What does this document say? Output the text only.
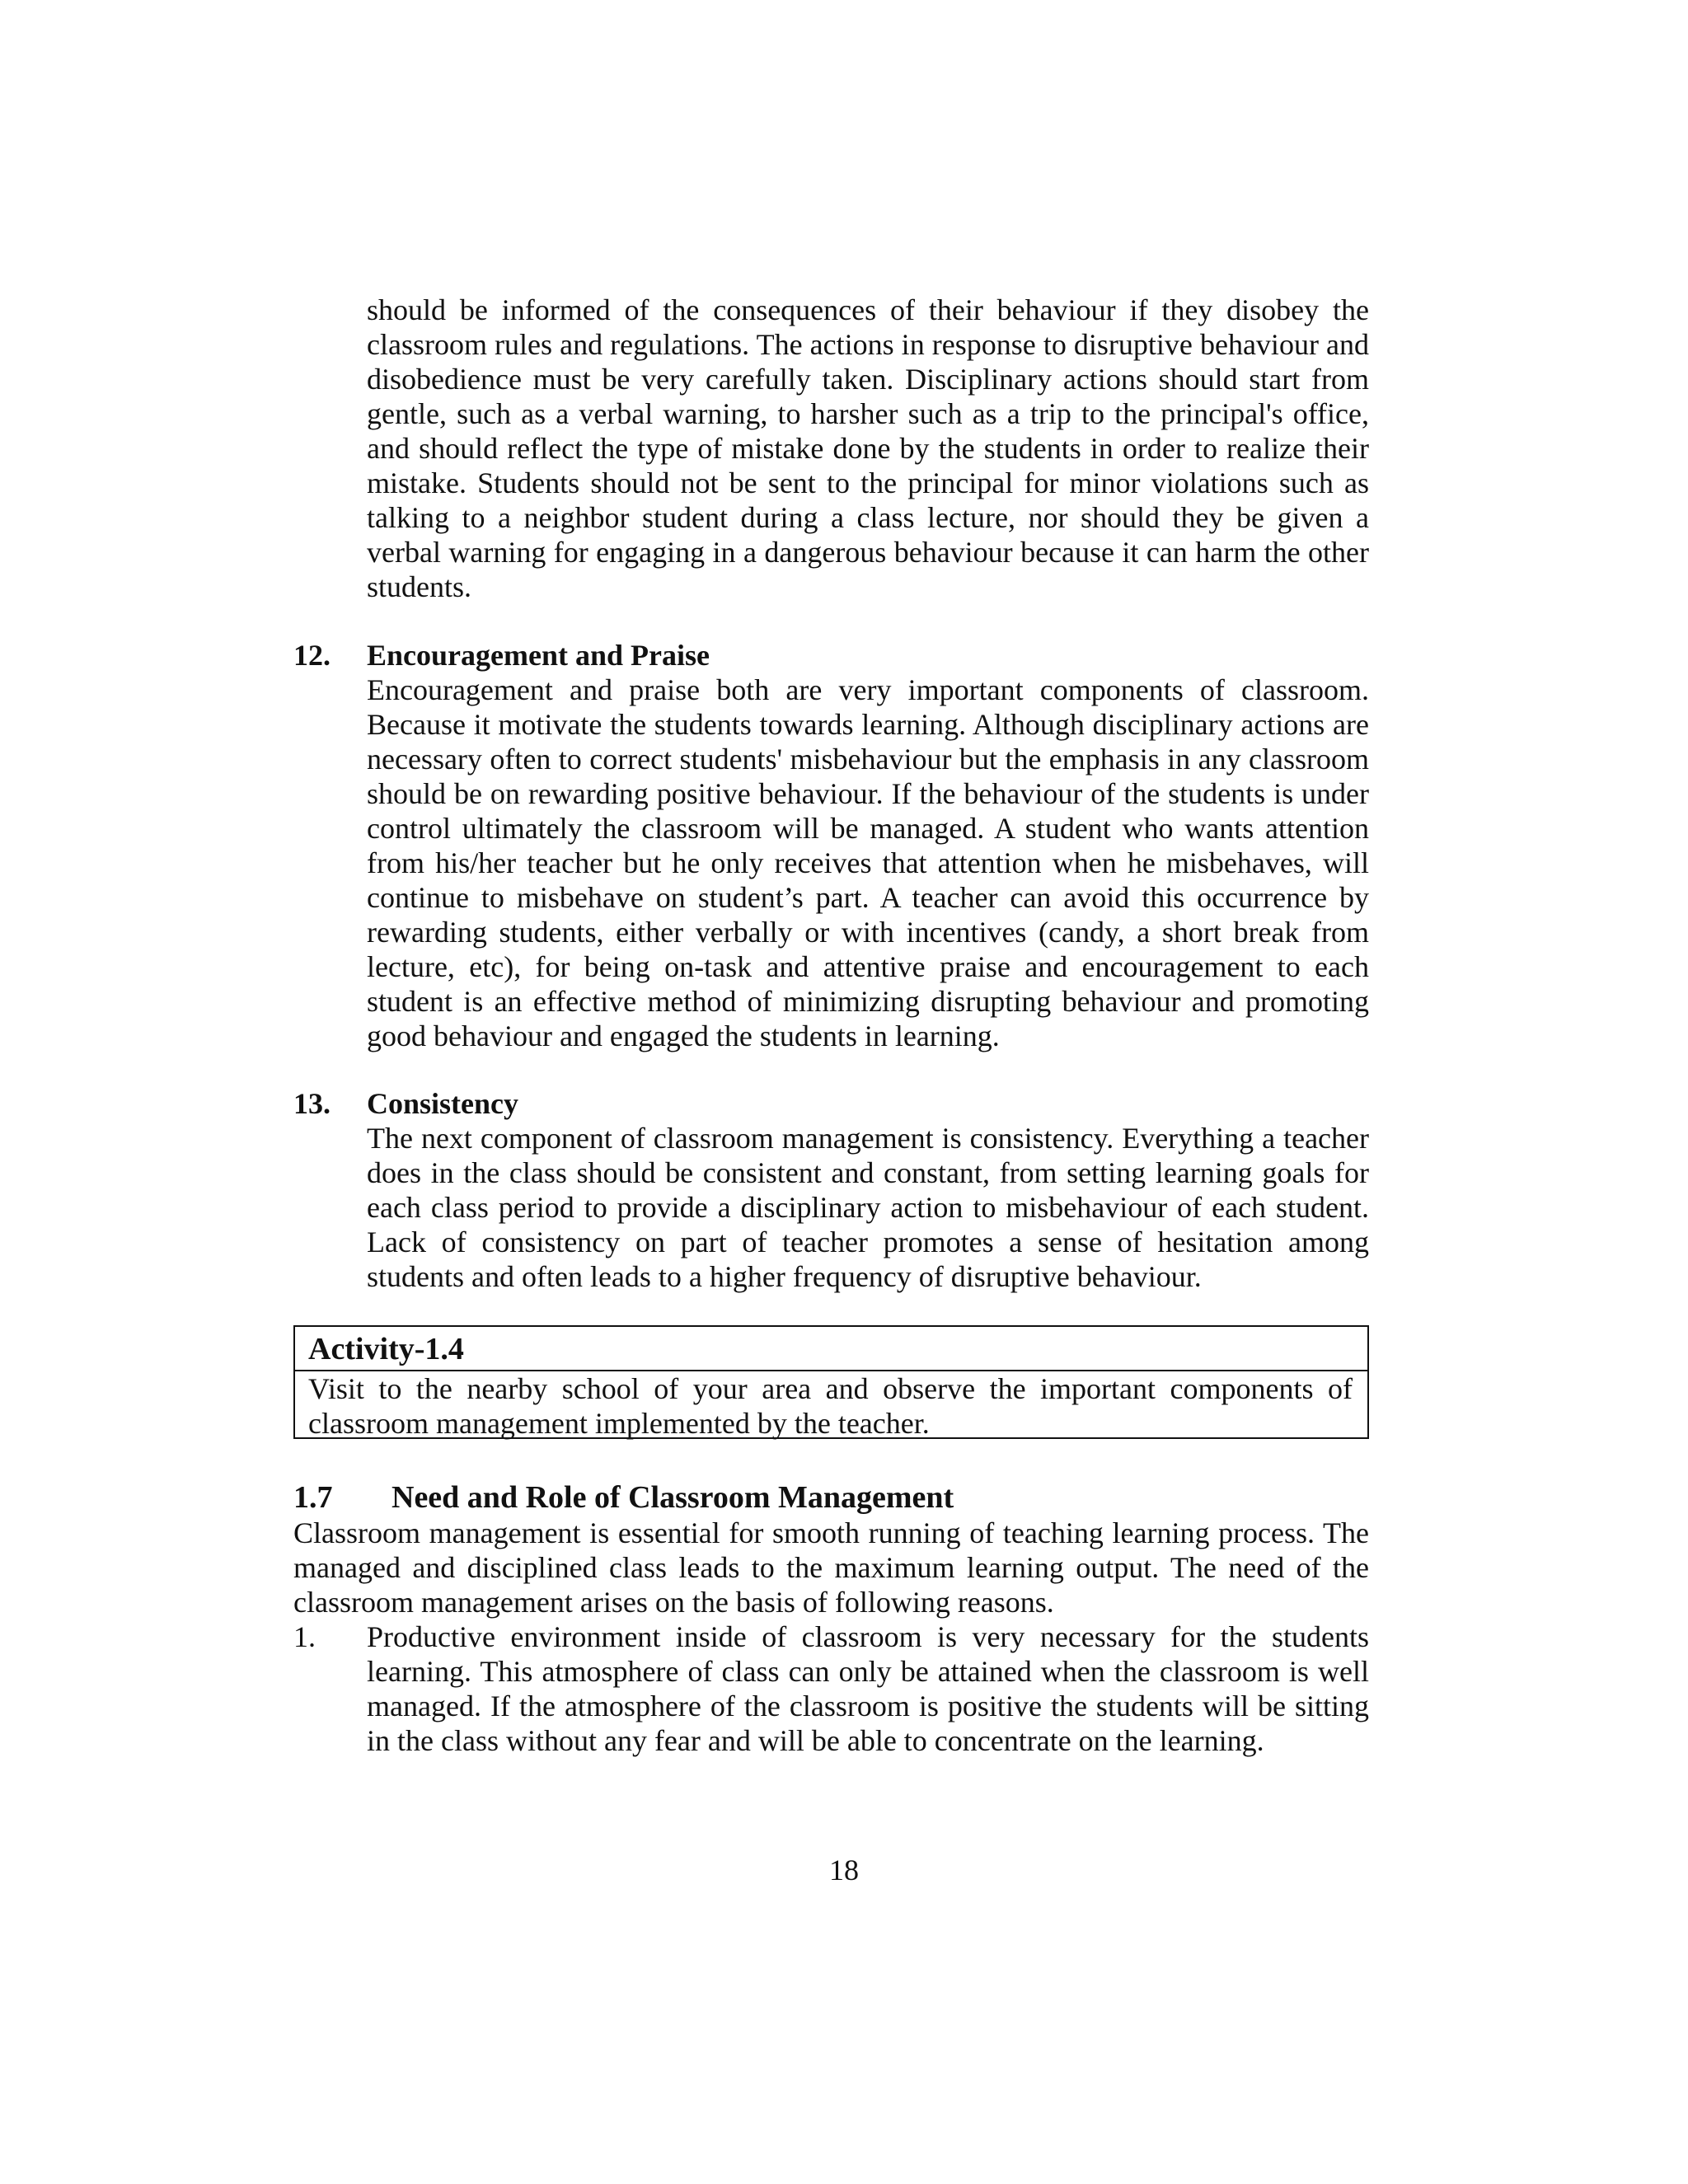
should be informed of the consequences of their behaviour if they disobey the classroom rules and regulations. The actions in response to disruptive behaviour and disobedience must be very carefully taken. Disciplinary actions should start from gentle, such as a verbal warning, to harsher such as a trip to the principal's office, and should reflect the type of mistake done by the students in order to realize their mistake. Students should not be sent to the principal for minor violations such as talking to a neighbor student during a class lecture, nor should they be given a verbal warning for engaging in a dangerous behaviour because it can harm the other students.

12. Encouragement and Praise

Encouragement and praise both are very important components of classroom. Because it motivate the students towards learning. Although disciplinary actions are necessary often to correct students' misbehaviour but the emphasis in any classroom should be on rewarding positive behaviour. If the behaviour of the students is under control ultimately the classroom will be managed. A student who wants attention from his/her teacher but he only receives that attention when he misbehaves, will continue to misbehave on student’s part. A teacher can avoid this occurrence by rewarding students, either verbally or with incentives (candy, a short break from lecture, etc), for being on-task and attentive praise and encouragement to each student is an effective method of minimizing disrupting behaviour and promoting good behaviour and engaged the students in learning.

13. Consistency

The next component of classroom management is consistency. Everything a teacher does in the class should be consistent and constant, from setting learning goals for each class period to provide a disciplinary action to misbehaviour of each student. Lack of consistency on part of teacher promotes a sense of hesitation among students and often leads to a higher frequency of disruptive behaviour.

Activity-1.4
Visit to the nearby school of your area and observe the important components of classroom management implemented by the teacher.
1.7 Need and Role of Classroom Management

Classroom management is essential for smooth running of teaching learning process. The managed and disciplined class leads to the maximum learning output. The need of the classroom management arises on the basis of following reasons.

1. Productive environment inside of classroom is very necessary for the students learning. This atmosphere of class can only be attained when the classroom is well managed. If the atmosphere of the classroom is positive the students will be sitting in the class without any fear and will be able to concentrate on the learning.

18
